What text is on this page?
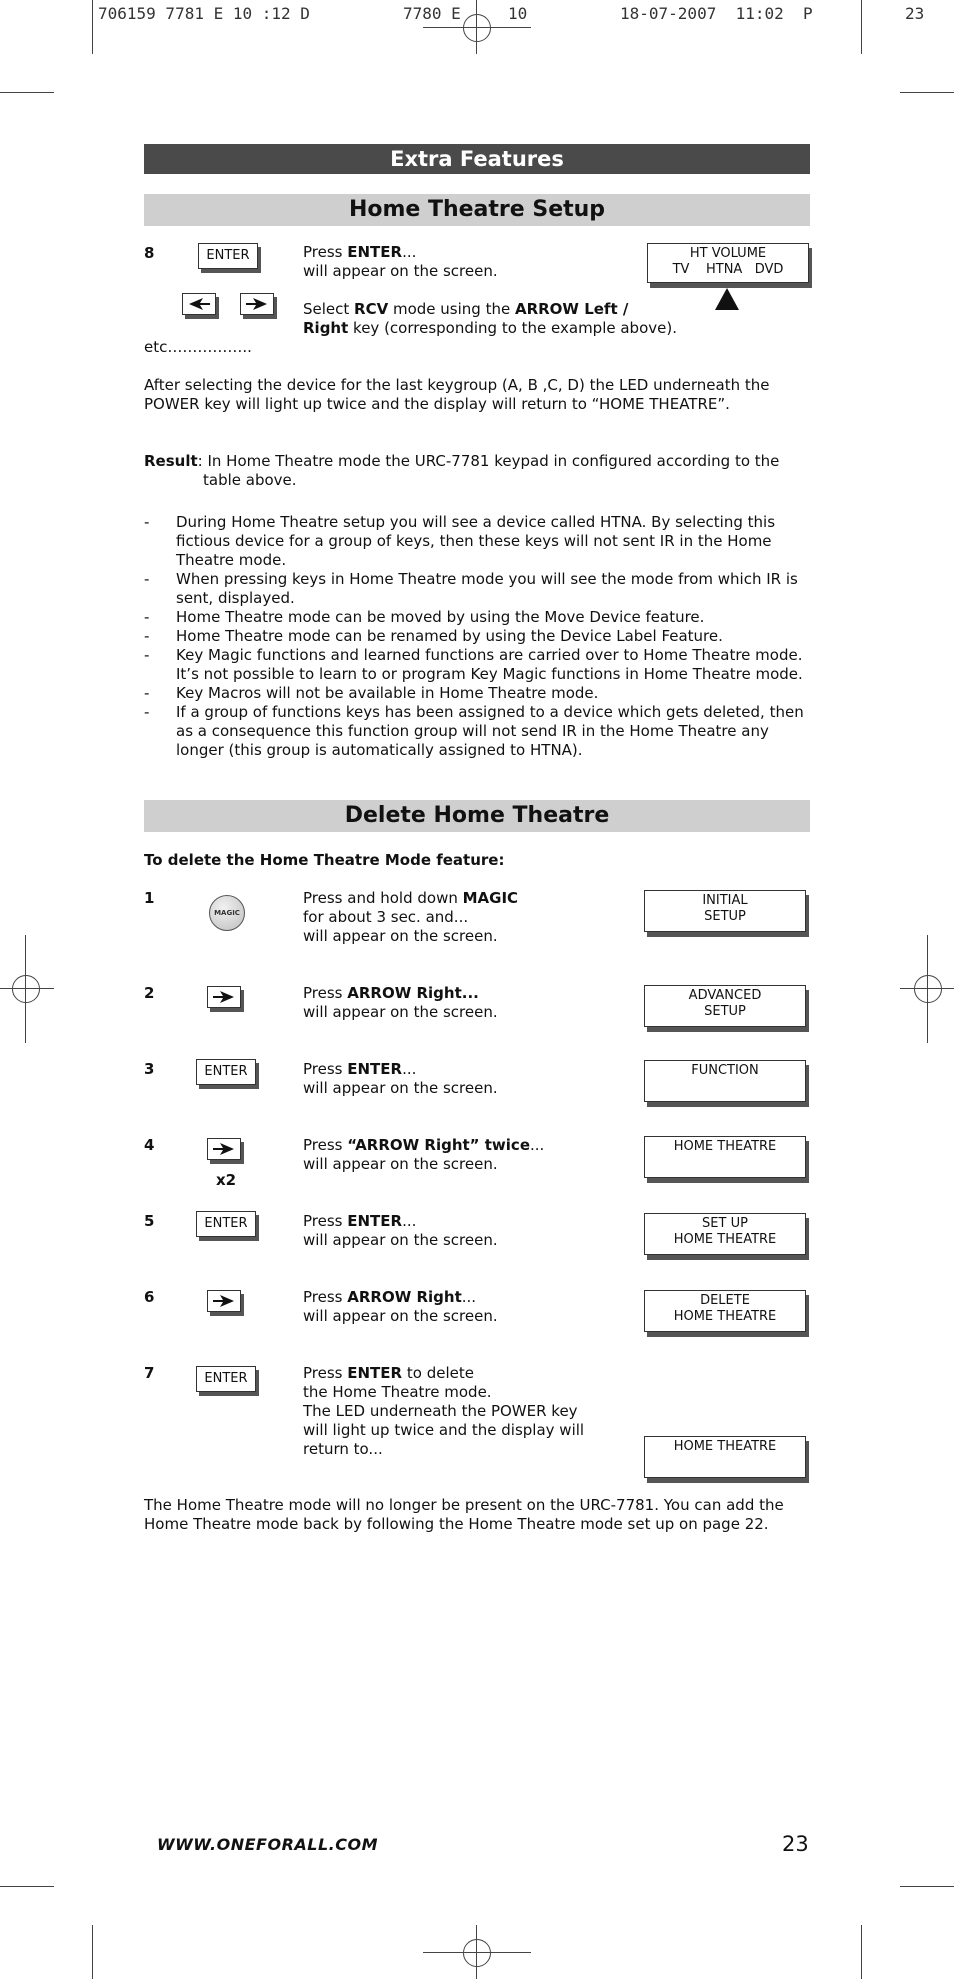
706159 7781 E 10 :12 D	7780 E	10	18-07-2007  11:02  P	23
Extra Features
Home Theatre Setup
8	ENTER	Press ENTER...
will appear on the screen.
Select RCV mode using the ARROW Left /
Right key (corresponding to the example above).
HT VOLUME
TV    HTNA   DVD
etc……………..
After selecting the device for the last keygroup (A, B ,C, D) the LED underneath the POWER key will light up twice and the display will return to “HOME THEATRE”.
Result: In Home Theatre mode the URC-7781 keypad in configured according to the
table above.
- During Home Theatre setup you will see a device called HTNA. By selecting this fictious device for a group of keys, then these keys will not sent IR in the Home Theatre mode.
- When pressing keys in Home Theatre mode you will see the mode from which IR is sent, displayed.
- Home Theatre mode can be moved by using the Move Device feature.
- Home Theatre mode can be renamed by using the Device Label Feature.
- Key Magic functions and learned functions are carried over to Home Theatre mode. It’s not possible to learn to or program Key Magic functions in Home Theatre mode.
- Key Macros will not be available in Home Theatre mode.
- If a group of functions keys has been assigned to a device which gets deleted, then as a consequence this function group will not send IR in the Home Theatre any longer (this group is automatically assigned to HTNA).
Delete Home Theatre
To delete the Home Theatre Mode feature:
1
MAGIC
Press and hold down MAGIC
for about 3 sec. and...
will appear on the screen.
INITIAL
SETUP
2	Press ARROW Right...
will appear on the screen.
ADVANCED
SETUP
3	ENTER	Press ENTER...
will appear on the screen.
FUNCTION
4
x2
Press “ARROW Right” twice...
will appear on the screen.
HOME THEATRE
5	ENTER	Press ENTER...
will appear on the screen.
SET UP
HOME THEATRE
6	Press ARROW Right...
will appear on the screen.
DELETE
HOME THEATRE
7	ENTER	Press ENTER to delete
the Home Theatre mode.
The LED underneath the POWER key
will light up twice and the display will
return to...	HOME THEATRE
The Home Theatre mode will no longer be present on the URC-7781. You can add the Home Theatre mode back by following the Home Theatre mode set up on page 22.
WWW.ONEFORALL.COM	23
